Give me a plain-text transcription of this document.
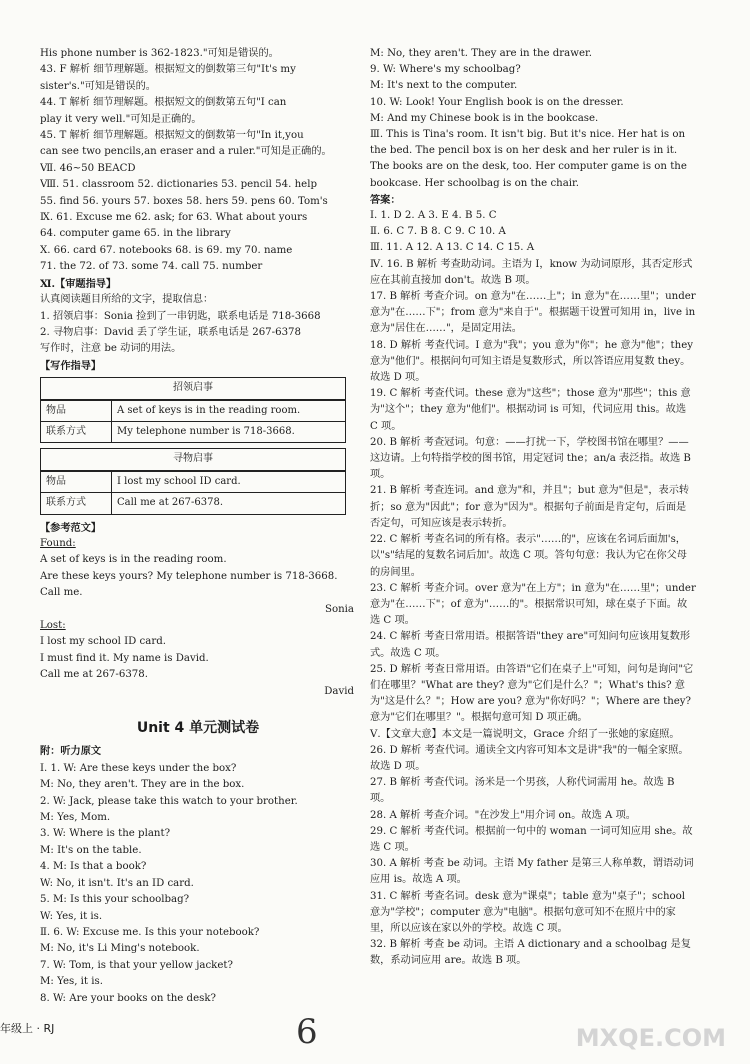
His phone number is 362-1823."可知是错误的。
43. F 解析 细节理解题。根据短文的倒数第三句"It's my
sister's."可知是错误的。
44. T 解析 细节理解题。根据短文的倒数第五句"I can
play it very well."可知是正确的。
45. T 解析 细节理解题。根据短文的倒数第一句"In it,you
can see two pencils,an eraser and a ruler."可知是正确的。
Ⅶ. 46~50 BEACD
Ⅷ. 51. classroom 52. dictionaries 53. pencil 54. help
55. find 56. yours 57. boxes 58. hers 59. pens 60. Tom's
Ⅸ. 61. Excuse me 62. ask; for 63. What about yours
64. computer game 65. in the library
Ⅹ. 66. card 67. notebooks 68. is 69. my 70. name
71. the 72. of 73. some 74. call 75. number
Ⅺ.【审题指导】
认真阅读题目所给的文字，提取信息：
1. 招领启事：Sonia 捡到了一串钥匙，联系电话是 718-3668
2. 寻物启事：David 丢了学生证，联系电话是 267-6378
写作时，注意 be 动词的用法。
【写作指导】
招领启事
物品	A set of keys is in the reading room.
联系方式	My telephone number is 718-3668.
寻物启事
物品	I lost my school ID card.
联系方式	Call me at 267-6378.
【参考范文】
Found:
A set of keys is in the reading room.
Are these keys yours? My telephone number is 718-3668.
Call me.
Sonia
Lost:
I lost my school ID card.
I must find it. My name is David.
Call me at 267-6378.
David
Unit 4 单元测试卷
附：听力原文
Ⅰ. 1. W: Are these keys under the box?
M: No, they aren't. They are in the box.
2. W: Jack, please take this watch to your brother.
M: Yes, Mom.
3. W: Where is the plant?
M: It's on the table.
4. M: Is that a book?
W: No, it isn't. It's an ID card.
5. M: Is this your schoolbag?
W: Yes, it is.
Ⅱ. 6. W: Excuse me. Is this your notebook?
M: No, it's Li Ming's notebook.
7. W: Tom, is that your yellow jacket?
M: Yes, it is.
8. W: Are your books on the desk?
M: No, they aren't. They are in the drawer.
9. W: Where's my schoolbag?
M: It's next to the computer.
10. W: Look! Your English book is on the dresser.
M: And my Chinese book is in the bookcase.
Ⅲ. This is Tina's room. It isn't big. But it's nice. Her hat is on the bed. The pencil box is on her desk and her ruler is in it. The books are on the desk, too. Her computer game is on the bookcase. Her schoolbag is on the chair.
答案：
Ⅰ. 1. D 2. A 3. E 4. B 5. C
Ⅱ. 6. C 7. B 8. C 9. C 10. A
Ⅲ. 11. A 12. A 13. C 14. C 15. A
Ⅳ. 16. B 解析 考查助动词。主语为 I，know 为动词原形，其否定形式应在其前直接加 don't。故选 B 项。
17. B 解析 考查介词。on 意为"在……上"；in 意为"在……里"；under 意为"在……下"；from 意为"来自于"。根据题干设置可知用 in，live in 意为"居住在……"，是固定用法。
18. D 解析 考查代词。I 意为"我"；you 意为"你"；he 意为"他"；they 意为"他们"。根据问句可知主语是复数形式，所以答语应用复数 they。故选 D 项。
19. C 解析 考查代词。these 意为"这些"；those 意为"那些"；this 意为"这个"；they 意为"他们"。根据动词 is 可知，代词应用 this。故选 C 项。
20. B 解析 考查冠词。句意：——打扰一下，学校图书馆在哪里？——这边请。上句特指学校的图书馆，用定冠词 the；an/a 表泛指。故选 B 项。
21. B 解析 考查连词。and 意为"和，并且"；but 意为"但是"，表示转折；so 意为"因此"；for 意为"因为"。根据句子前面是肯定句，后面是否定句，可知应该是表示转折。
22. C 解析 考查名词的所有格。表示"……的"，应该在名词后面加's，以"s"结尾的复数名词后加'。故选 C 项。答句句意：我认为它在你父母的房间里。
23. C 解析 考查介词。over 意为"在上方"；in 意为"在……里"；under 意为"在……下"；of 意为"……的"。根据常识可知，球在桌子下面。故选 C 项。
24. C 解析 考查日常用语。根据答语"they are"可知问句应该用复数形式。故选 C 项。
25. D 解析 考查日常用语。由答语"它们在桌子上"可知，问句是询问"它们在哪里？"What are they? 意为"它们是什么？"；What's this? 意为"这是什么？"；How are you? 意为"你好吗？"；Where are they? 意为"它们在哪里？"。根据句意可知 D 项正确。
Ⅴ.【文章大意】本文是一篇说明文，Grace 介绍了一张她的家庭照。
26. D 解析 考查代词。通读全文内容可知本文是讲"我"的一幅全家照。故选 D 项。
27. B 解析 考查代词。汤米是一个男孩，人称代词需用 he。故选 B 项。
28. A 解析 考查介词。"在沙发上"用介词 on。故选 A 项。
29. C 解析 考查代词。根据前一句中的 woman 一词可知应用 she。故选 C 项。
30. A 解析 考查 be 动词。主语 My father 是第三人称单数，谓语动词应用 is。故选 A 项。
31. C 解析 考查名词。desk 意为"课桌"；table 意为"桌子"；school 意为"学校"；computer 意为"电脑"。根据句意可知不在照片中的家里，所以应该在家以外的学校。故选 C 项。
32. B 解析 考查 be 动词。主语 A dictionary and a schoolbag 是复数，系动词应用 are。故选 B 项。
年级上 · RJ	6	MXQE.COM
